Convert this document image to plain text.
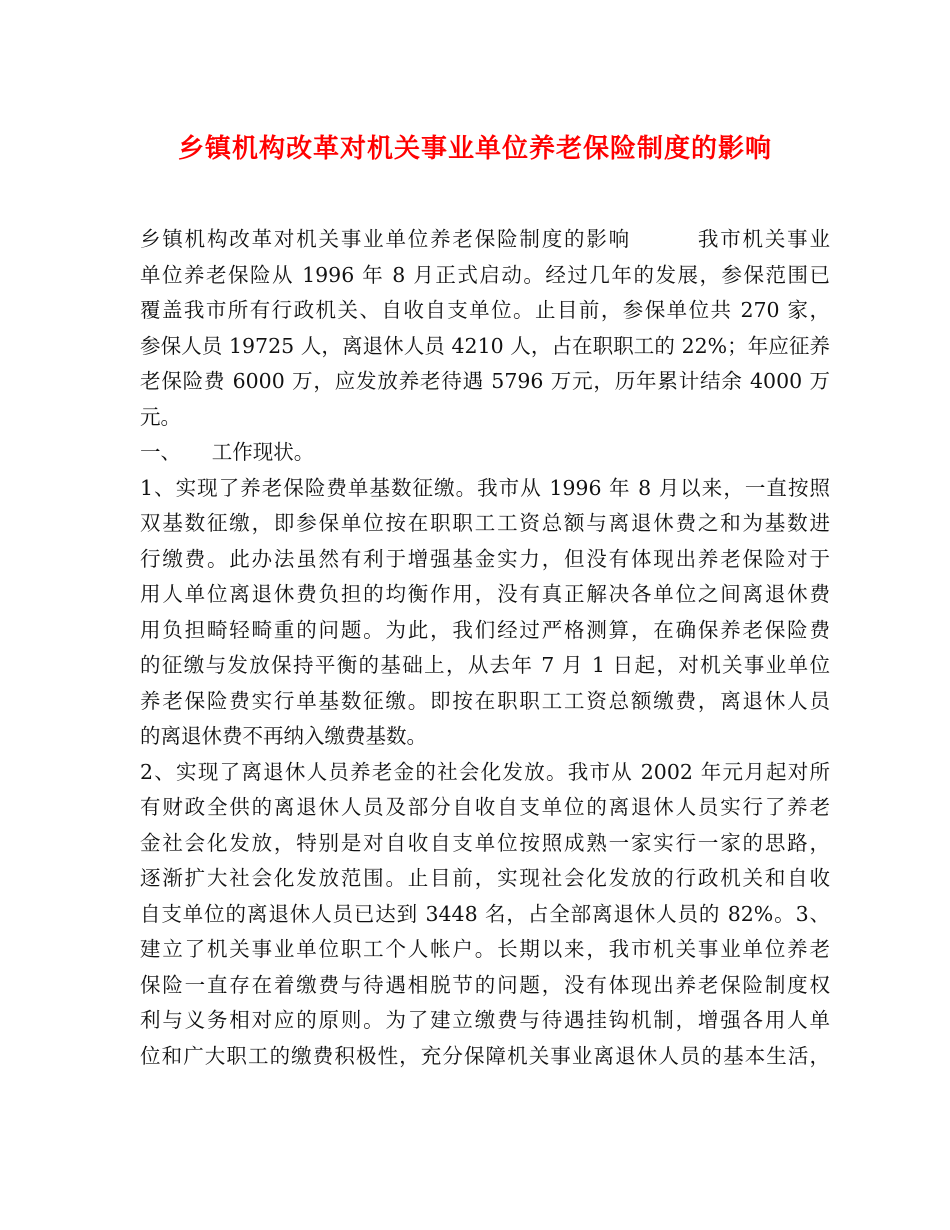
乡镇机构改革对机关事业单位养老保险制度的影响
乡镇机构改革对机关事业单位养老保险制度的影响　　　我市机关事业
单位养老保险从 1996 年 8 月正式启动。经过几年的发展，参保范围已
覆盖我市所有行政机关、自收自支单位。止目前，参保单位共 270 家，
参保人员 19725 人，离退休人员 4210 人，占在职职工的 22%；年应征养
老保险费 6000 万，应发放养老待遇 5796 万元，历年累计结余 4000 万
元。
一、　　工作现状。
1、实现了养老保险费单基数征缴。我市从 1996 年 8 月以来，一直按照
双基数征缴，即参保单位按在职职工工资总额与离退休费之和为基数进
行缴费。此办法虽然有利于增强基金实力，但没有体现出养老保险对于
用人单位离退休费负担的均衡作用，没有真正解决各单位之间离退休费
用负担畸轻畸重的问题。为此，我们经过严格测算，在确保养老保险费
的征缴与发放保持平衡的基础上，从去年 7 月 1 日起，对机关事业单位
养老保险费实行单基数征缴。即按在职职工工资总额缴费，离退休人员
的离退休费不再纳入缴费基数。
2、实现了离退休人员养老金的社会化发放。我市从 2002 年元月起对所
有财政全供的离退休人员及部分自收自支单位的离退休人员实行了养老
金社会化发放，特别是对自收自支单位按照成熟一家实行一家的思路，
逐渐扩大社会化发放范围。止目前，实现社会化发放的行政机关和自收
自支单位的离退休人员已达到 3448 名，占全部离退休人员的 82%。3、
建立了机关事业单位职工个人帐户。长期以来，我市机关事业单位养老
保险一直存在着缴费与待遇相脱节的问题，没有体现出养老保险制度权
利与义务相对应的原则。为了建立缴费与待遇挂钩机制，增强各用人单
位和广大职工的缴费积极性，充分保障机关事业离退休人员的基本生活，
